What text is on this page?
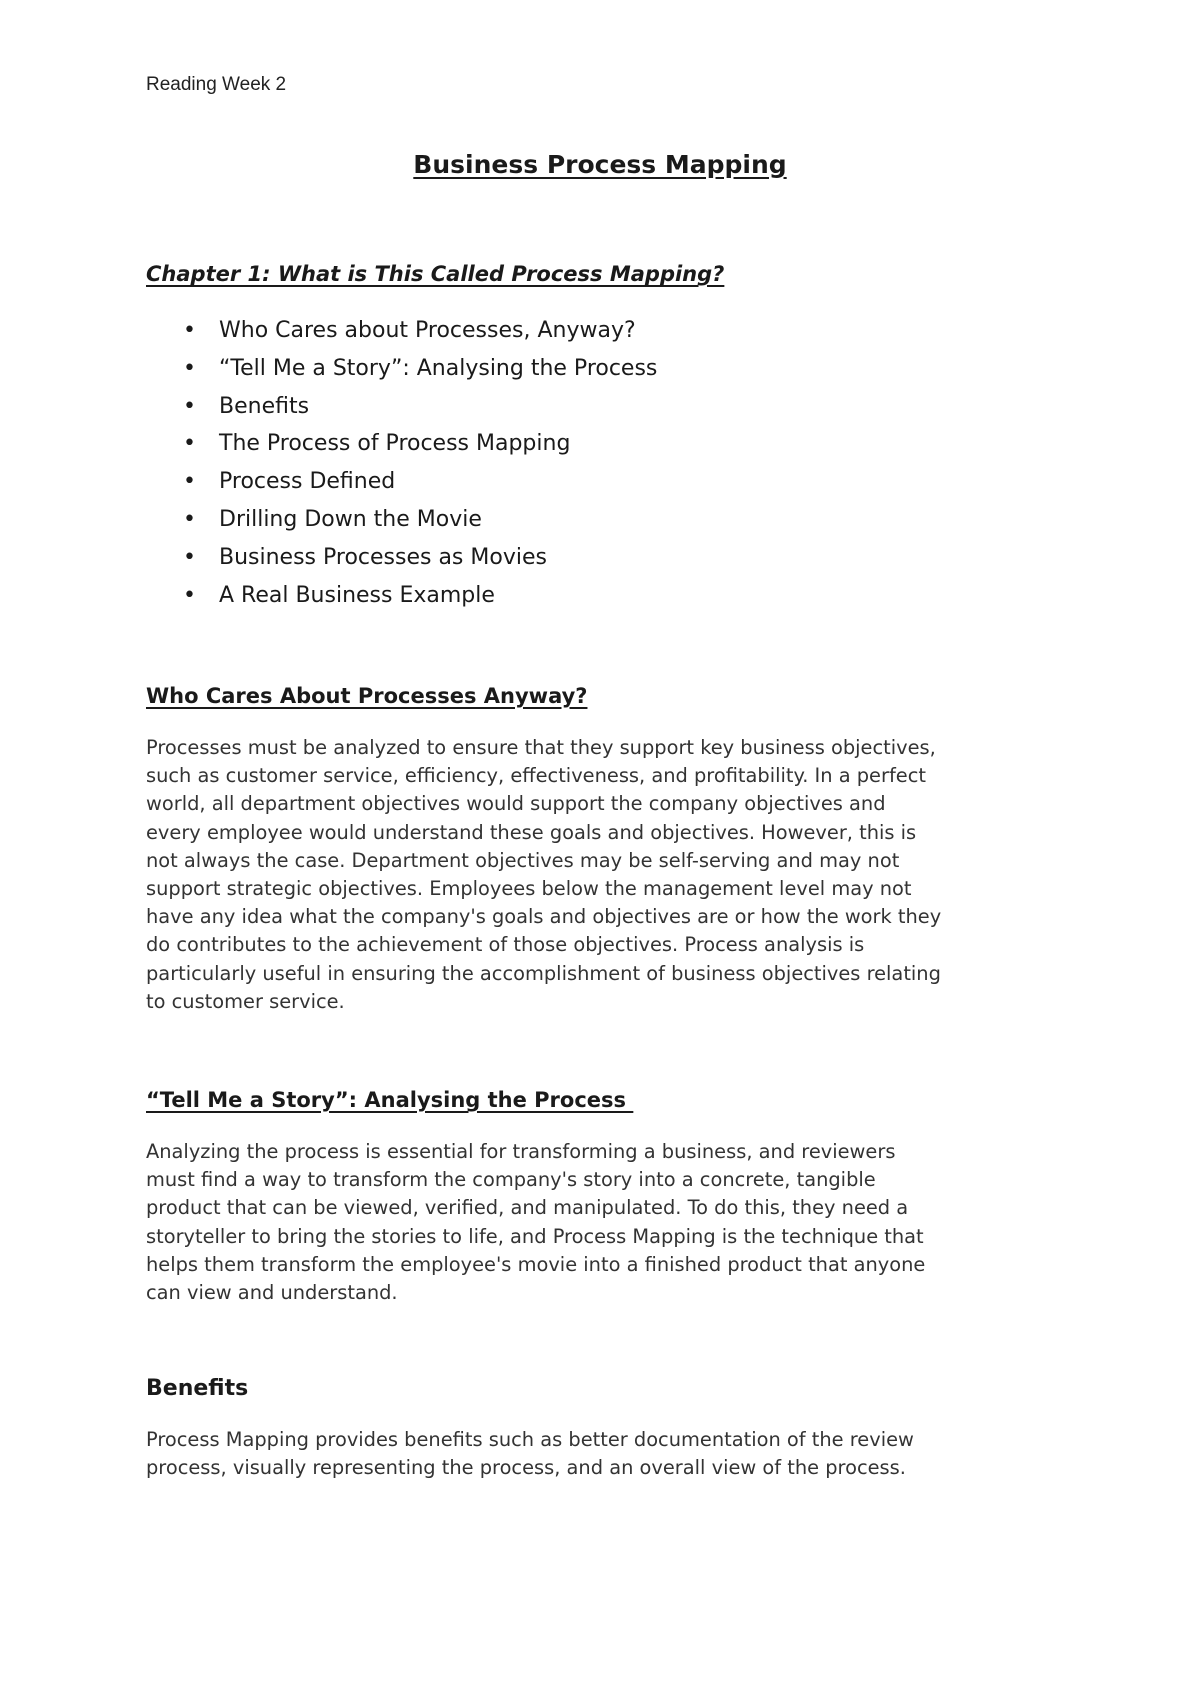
Reading Week 2
Business Process Mapping
Chapter 1: What is This Called Process Mapping?
• Who Cares about Processes, Anyway?
• “Tell Me a Story”: Analysing the Process
• Benefits
• The Process of Process Mapping
• Process Defined
• Drilling Down the Movie
• Business Processes as Movies
• A Real Business Example
Who Cares About Processes Anyway?
Processes must be analyzed to ensure that they support key business objectives,
such as customer service, efficiency, effectiveness, and profitability. In a perfect
world, all department objectives would support the company objectives and
every employee would understand these goals and objectives. However, this is
not always the case. Department objectives may be self-serving and may not
support strategic objectives. Employees below the management level may not
have any idea what the company's goals and objectives are or how the work they
do contributes to the achievement of those objectives. Process analysis is
particularly useful in ensuring the accomplishment of business objectives relating
to customer service.
“Tell Me a Story”: Analysing the Process
Analyzing the process is essential for transforming a business, and reviewers
must find a way to transform the company's story into a concrete, tangible
product that can be viewed, verified, and manipulated. To do this, they need a
storyteller to bring the stories to life, and Process Mapping is the technique that
helps them transform the employee's movie into a finished product that anyone
can view and understand.
Benefits
Process Mapping provides benefits such as better documentation of the review
process, visually representing the process, and an overall view of the process.
